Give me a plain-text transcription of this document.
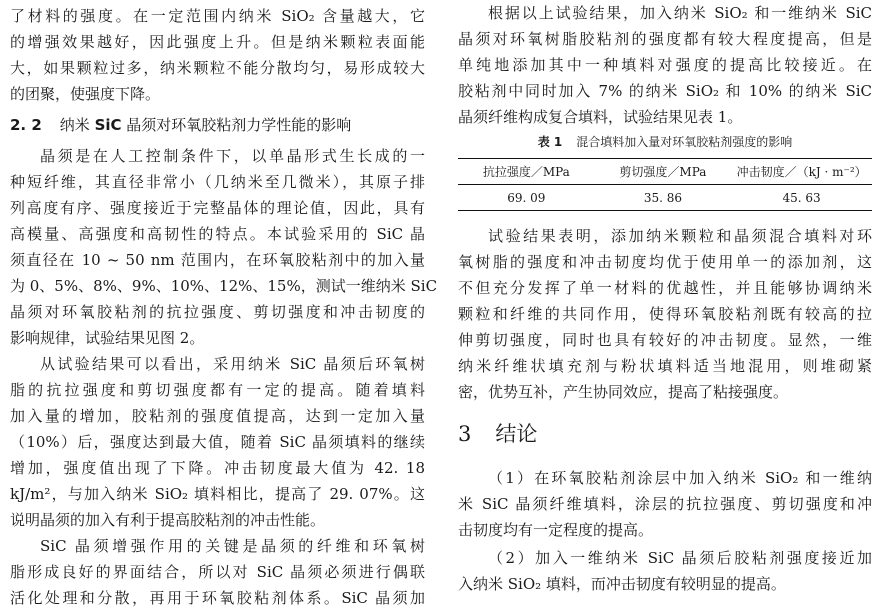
了材料的强度。在一定范围内纳米 SiO₂ 含量越大，它
的增强效果越好，因此强度上升。但是纳米颗粒表面能
大，如果颗粒过多，纳米颗粒不能分散均匀，易形成较大
的团聚，使强度下降。
2. 2 纳米 SiC 晶须对环氧胶粘剂力学性能的影响
晶须是在人工控制条件下，以单晶形式生长成的一
种短纤维，其直径非常小（几纳米至几微米），其原子排
列高度有序、强度接近于完整晶体的理论值，因此，具有
高模量、高强度和高韧性的特点。本试验采用的 SiC 晶
须直径在 10 ~ 50 nm 范围内，在环氧胶粘剂中的加入量
为 0、5%、8%、9%、10%、12%、15%，测试一维纳米 SiC
晶须对环氧胶粘剂的抗拉强度、剪切强度和冲击韧度的
影响规律，试验结果见图 2。
从试验结果可以看出，采用纳米 SiC 晶须后环氧树
脂的抗拉强度和剪切强度都有一定的提高。随着填料
加入量的增加，胶粘剂的强度值提高，达到一定加入量
（10%）后，强度达到最大值，随着 SiC 晶须填料的继续
增加，强度值出现了下降。冲击韧度最大值为 42. 18
kJ/m²，与加入纳米 SiO₂ 填料相比，提高了 29. 07%。这
说明晶须的加入有利于提高胶粘剂的冲击性能。
SiC 晶须增强作用的关键是晶须的纤维和环氧树
脂形成良好的界面结合，所以对 SiC 晶须必须进行偶联
活化处理和分散，再用于环氧胶粘剂体系。SiC 晶须加
根据以上试验结果，加入纳米 SiO₂ 和一维纳米 SiC
晶须对环氧树脂胶粘剂的强度都有较大程度提高，但是
单纯地添加其中一种填料对强度的提高比较接近。在
胶粘剂中同时加入 7% 的纳米 SiO₂ 和 10% 的纳米 SiC
晶须纤维构成复合填料，试验结果见表 1。
表 1 混合填料加入量对环氧胶粘剂强度的影响
抗拉强度／MPa	剪切强度／MPa	冲击韧度／（kJ · m⁻²）
69. 09	35. 86	45. 63
试验结果表明，添加纳米颗粒和晶须混合填料对环
氧树脂的强度和冲击韧度均优于使用单一的添加剂，这
不但充分发挥了单一材料的优越性，并且能够协调纳米
颗粒和纤维的共同作用，使得环氧胶粘剂既有较高的拉
伸剪切强度，同时也具有较好的冲击韧度。显然，一维
纳米纤维状填充剂与粉状填料适当地混用，则堆砌紧
密，优势互补，产生协同效应，提高了粘接强度。
3 结论
（1）在环氧胶粘剂涂层中加入纳米 SiO₂ 和一维纳
米 SiC 晶须纤维填料，涂层的抗拉强度、剪切强度和冲
击韧度均有一定程度的提高。
（2）加入一维纳米 SiC 晶须后胶粘剂强度接近加
入纳米 SiO₂ 填料，而冲击韧度有较明显的提高。
